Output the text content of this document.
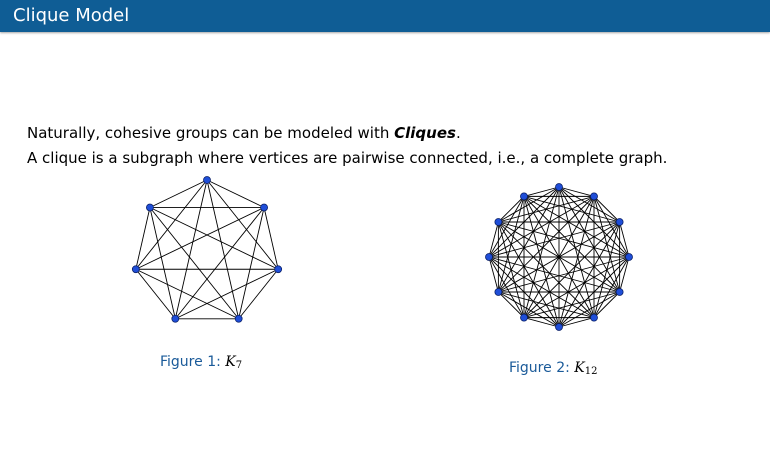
Clique Model
Naturally, cohesive groups can be modeled with Cliques.
A clique is a subgraph where vertices are pairwise connected, i.e., a complete graph.
Figure 1: $K_7$	Figure 2: $K_{12}$
